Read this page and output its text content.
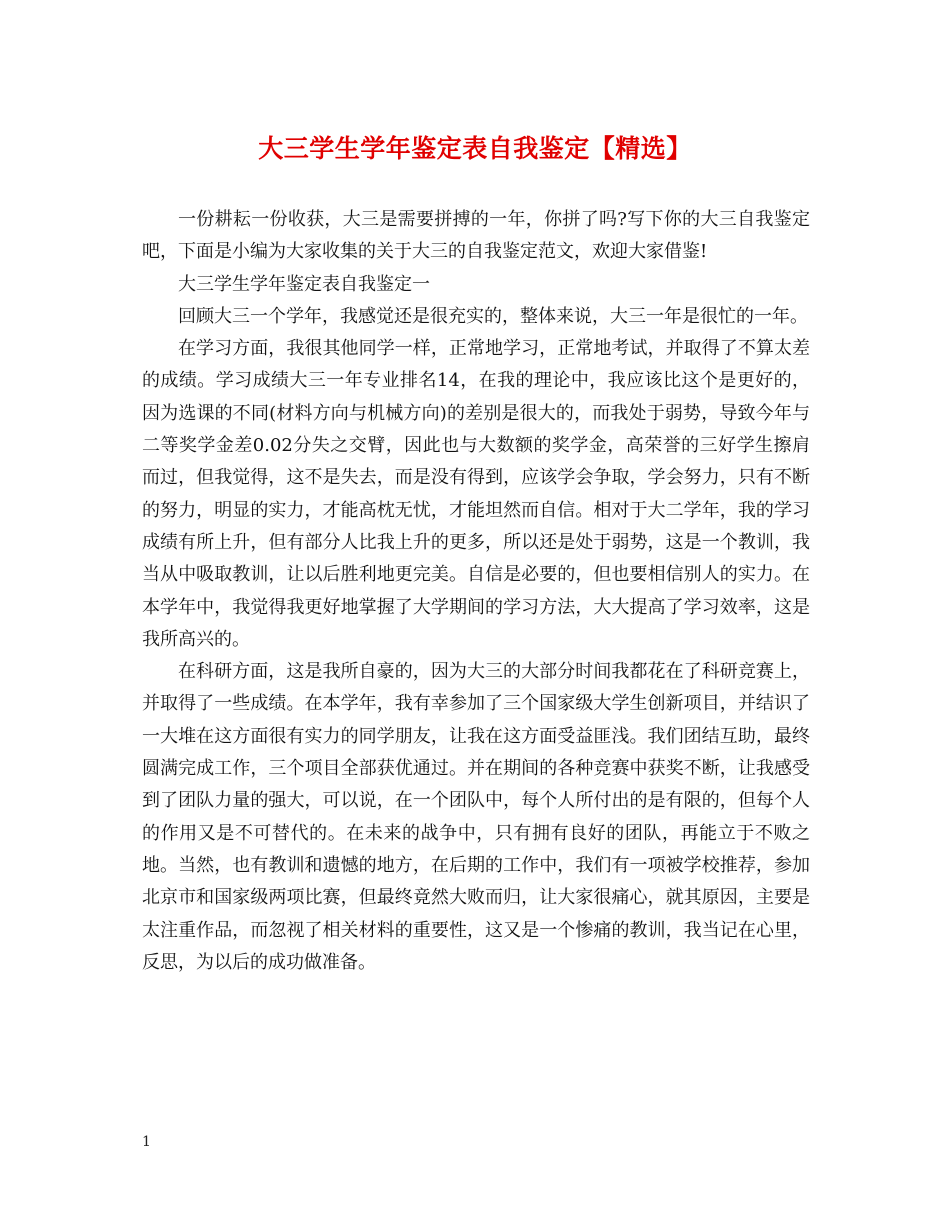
大三学生学年鉴定表自我鉴定【精选】

一份耕耘一份收获，大三是需要拼搏的一年，你拼了吗?写下你的大三自我鉴定吧，下面是小编为大家收集的关于大三的自我鉴定范文，欢迎大家借鉴!

大三学生学年鉴定表自我鉴定一

回顾大三一个学年，我感觉还是很充实的，整体来说，大三一年是很忙的一年。

在学习方面，我很其他同学一样，正常地学习，正常地考试，并取得了不算太差的成绩。学习成绩大三一年专业排名14，在我的理论中，我应该比这个是更好的，因为选课的不同(材料方向与机械方向)的差别是很大的，而我处于弱势，导致今年与二等奖学金差0.02分失之交臂，因此也与大数额的奖学金，高荣誉的三好学生擦肩而过，但我觉得，这不是失去，而是没有得到，应该学会争取，学会努力，只有不断的努力，明显的实力，才能高枕无忧，才能坦然而自信。相对于大二学年，我的学习成绩有所上升，但有部分人比我上升的更多，所以还是处于弱势，这是一个教训，我当从中吸取教训，让以后胜利地更完美。自信是必要的，但也要相信别人的实力。在本学年中，我觉得我更好地掌握了大学期间的学习方法，大大提高了学习效率，这是我所高兴的。

在科研方面，这是我所自豪的，因为大三的大部分时间我都花在了科研竞赛上，并取得了一些成绩。在本学年，我有幸参加了三个国家级大学生创新项目，并结识了一大堆在这方面很有实力的同学朋友，让我在这方面受益匪浅。我们团结互助，最终圆满完成工作，三个项目全部获优通过。并在期间的各种竞赛中获奖不断，让我感受到了团队力量的强大，可以说，在一个团队中，每个人所付出的是有限的，但每个人的作用又是不可替代的。在未来的战争中，只有拥有良好的团队，再能立于不败之地。当然，也有教训和遗憾的地方，在后期的工作中，我们有一项被学校推荐，参加北京市和国家级两项比赛，但最终竟然大败而归，让大家很痛心，就其原因，主要是太注重作品，而忽视了相关材料的重要性，这又是一个惨痛的教训，我当记在心里，反思，为以后的成功做准备。

1
